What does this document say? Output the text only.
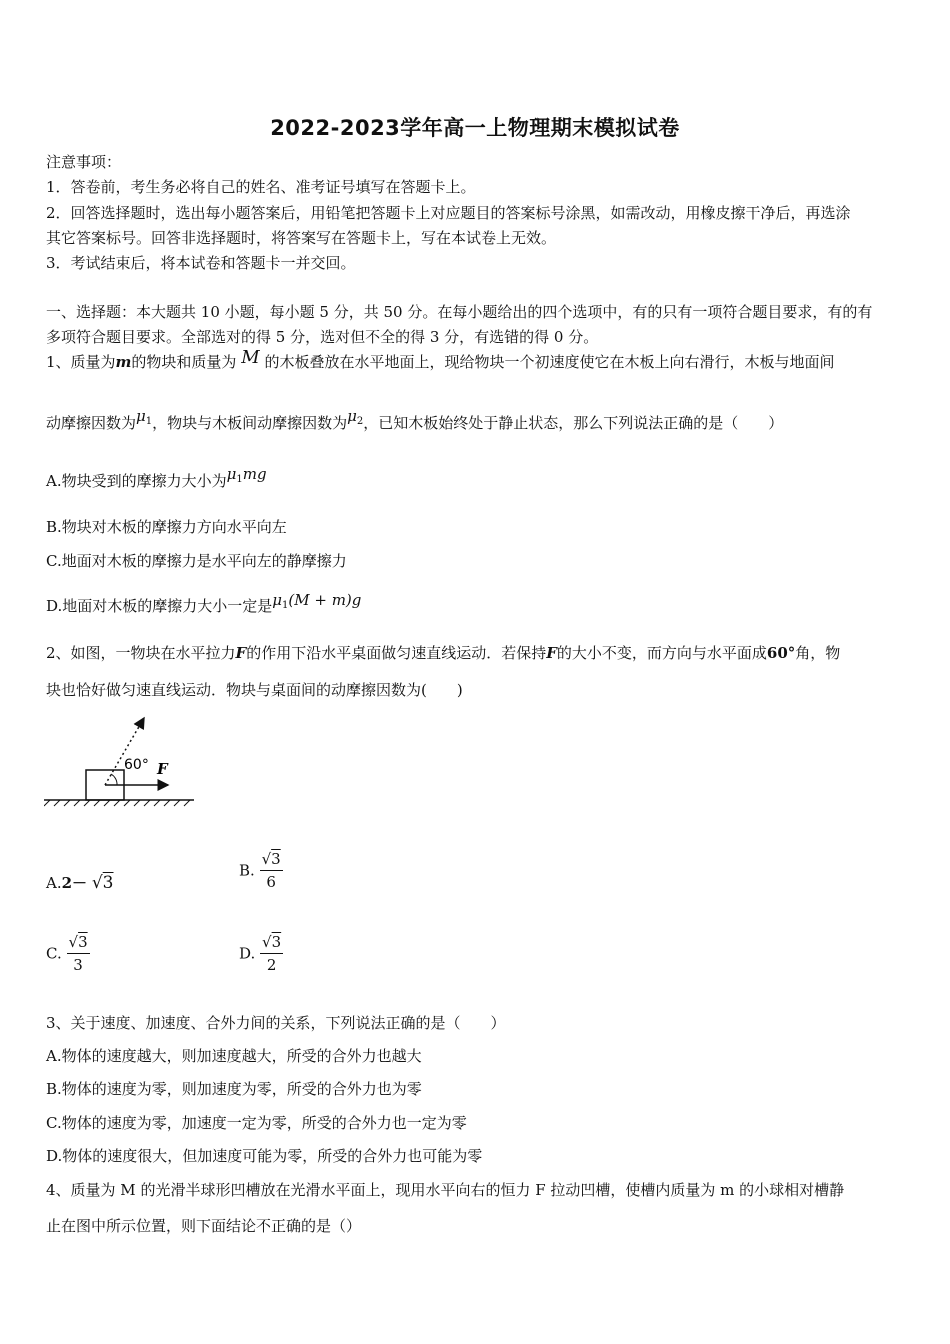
2022-2023学年高一上物理期末模拟试卷
注意事项：
1．答卷前，考生务必将自己的姓名、准考证号填写在答题卡上。
2．回答选择题时，选出每小题答案后，用铅笔把答题卡上对应题目的答案标号涂黑，如需改动，用橡皮擦干净后，再选涂
其它答案标号。回答非选择题时，将答案写在答题卡上，写在本试卷上无效。
3．考试结束后，将本试卷和答题卡一并交回。
一、选择题：本大题共 10 小题，每小题 5 分，共 50 分。在每小题给出的四个选项中，有的只有一项符合题目要求，有的有
多项符合题目要求。全部选对的得 5 分，选对但不全的得 3 分，有选错的得 0 分。
1、质量为m的物块和质量为 M 的木板叠放在水平地面上，现给物块一个初速度使它在木板上向右滑行，木板与地面间
动摩擦因数为$\mu_1$，物块与木板间动摩擦因数为$\mu_2$，已知木板始终处于静止状态，那么下列说法正确的是（　　）
A.物块受到的摩擦力大小为$\mu_1mg$
B.物块对木板的摩擦力方向水平向左
C.地面对木板的摩擦力是水平向左的静摩擦力
D.地面对木板的摩擦力大小一定是$\mu_1(M + m)g$
2、如图，一物块在水平拉力F的作用下沿水平桌面做匀速直线运动．若保持F的大小不变，而方向与水平面成60°角，物
块也恰好做匀速直线运动．物块与桌面间的动摩擦因数为(　　)
60° F
A.2－ √3
B. $\frac{√3}{6}$
C. $\frac{√3}{3}$	D. $\frac{√3}{2}$
3、关于速度、加速度、合外力间的关系，下列说法正确的是（　　）
A.物体的速度越大，则加速度越大，所受的合外力也越大
B.物体的速度为零，则加速度为零，所受的合外力也为零
C.物体的速度为零，加速度一定为零，所受的合外力也一定为零
D.物体的速度很大，但加速度可能为零，所受的合外力也可能为零
4、质量为 M 的光滑半球形凹槽放在光滑水平面上，现用水平向右的恒力 F 拉动凹槽，使槽内质量为 m 的小球相对槽静
止在图中所示位置，则下面结论不正确的是（）
